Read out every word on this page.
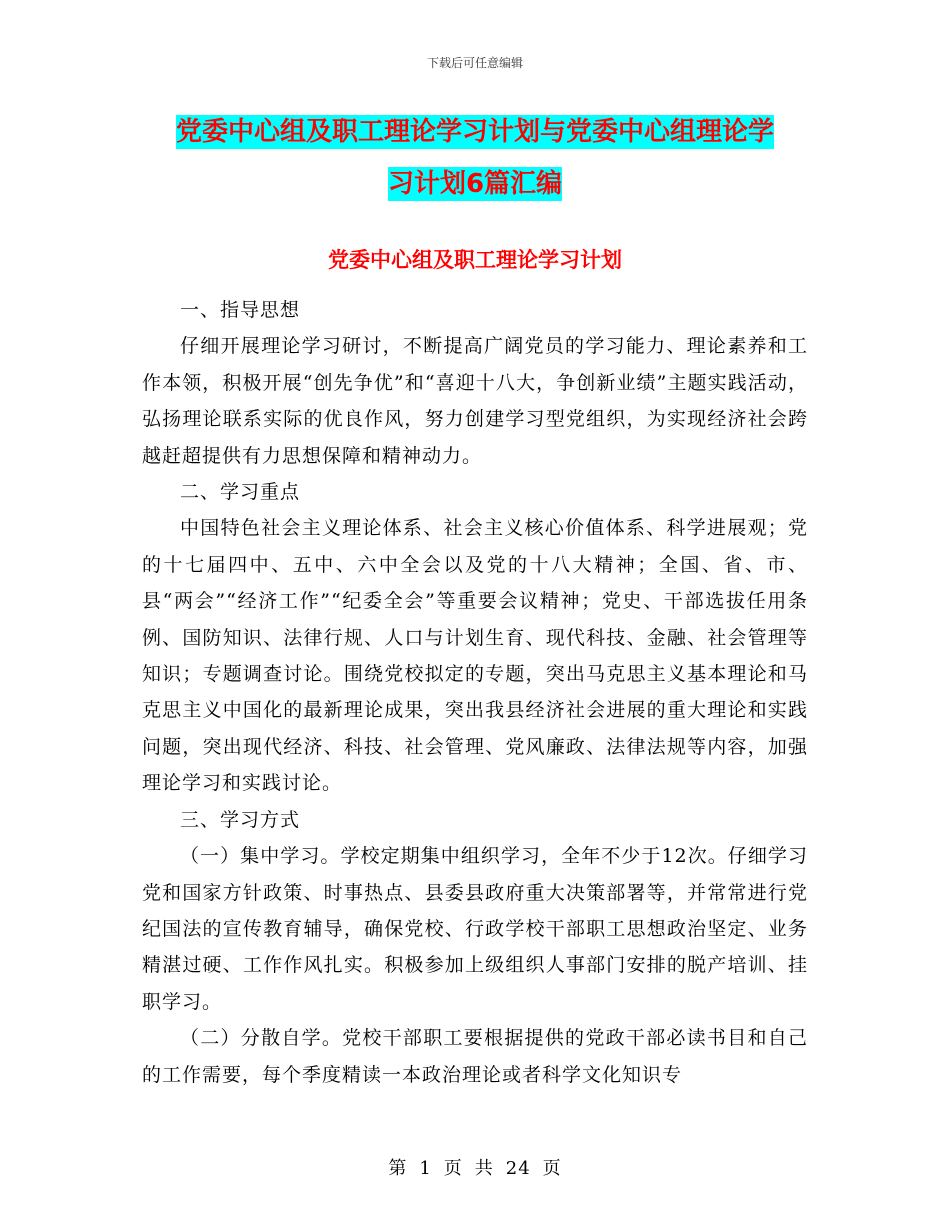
下载后可任意编辑
党委中心组及职工理论学习计划与党委中心组理论学
习计划6篇汇编
党委中心组及职工理论学习计划

一、指导思想

仔细开展理论学习研讨，不断提高广阔党员的学习能力、理论素养和工作本领，积极开展“创先争优”和“喜迎十八大，争创新业绩”主题实践活动，弘扬理论联系实际的优良作风，努力创建学习型党组织，为实现经济社会跨越赶超提供有力思想保障和精神动力。

二、学习重点

中国特色社会主义理论体系、社会主义核心价值体系、科学进展观；党的十七届四中、五中、六中全会以及党的十八大精神；全国、省、市、县“两会”“经济工作”“纪委全会”等重要会议精神；党史、干部选拔任用条例、国防知识、法律行规、人口与计划生育、现代科技、金融、社会管理等知识；专题调查讨论。围绕党校拟定的专题，突出马克思主义基本理论和马克思主义中国化的最新理论成果，突出我县经济社会进展的重大理论和实践问题，突出现代经济、科技、社会管理、党风廉政、法律法规等内容，加强理论学习和实践讨论。

三、学习方式

（一）集中学习。学校定期集中组织学习，全年不少于12次。仔细学习党和国家方针政策、时事热点、县委县政府重大决策部署等，并常常进行党纪国法的宣传教育辅导，确保党校、行政学校干部职工思想政治坚定、业务精湛过硬、工作作风扎实。积极参加上级组织人事部门安排的脱产培训、挂职学习。

（二）分散自学。党校干部职工要根据提供的党政干部必读书目和自己的工作需要，每个季度精读一本政治理论或者科学文化知识专

第 1 页 共 24 页
